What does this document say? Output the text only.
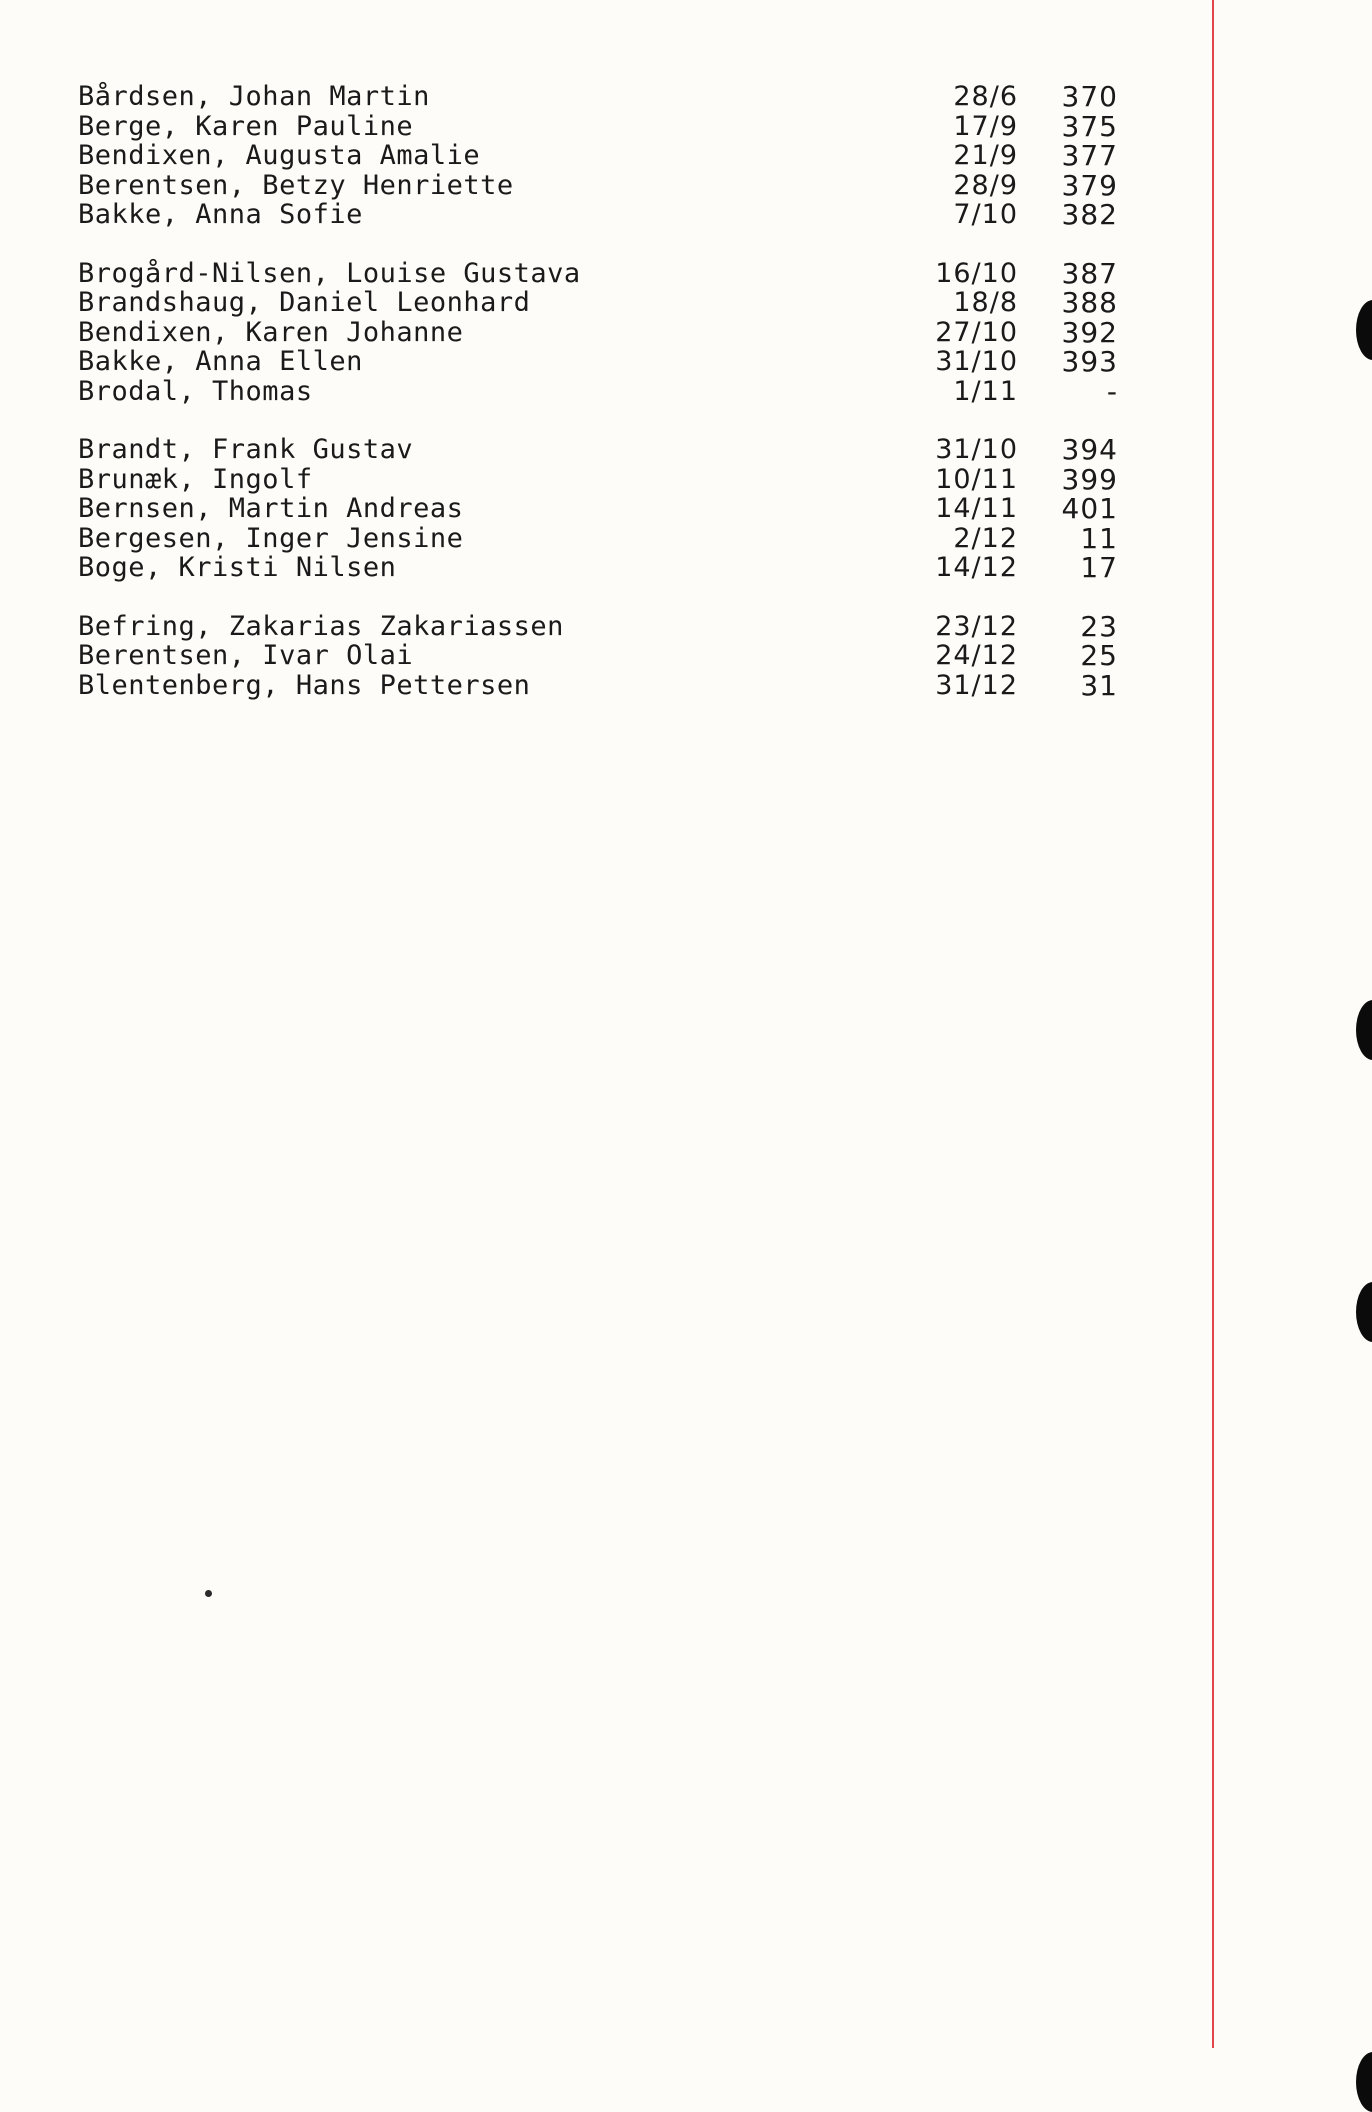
Bårdsen, Johan Martin	28/6 370
Berge, Karen Pauline	17/9 375
Bendixen, Augusta Amalie	21/9 377
Berentsen, Betzy Henriette	28/9 379
Bakke, Anna Sofie	7/10 382
Brogård-Nilsen, Louise Gustava	16/10 387
Brandshaug, Daniel Leonhard	18/8 388
Bendixen, Karen Johanne	27/10 392
Bakke, Anna Ellen	31/10 393
Brodal, Thomas	1/11	-
Brandt, Frank Gustav	31/10 394
Brunæk, Ingolf	10/11 399
Bernsen, Martin Andreas	14/11 401
Bergesen, Inger Jensine	2/12 11
Boge, Kristi Nilsen	14/12 17
Befring, Zakarias Zakariassen	23/12 23
Berentsen, Ivar Olai	24/12 25
Blentenberg, Hans Pettersen	31/12 31
